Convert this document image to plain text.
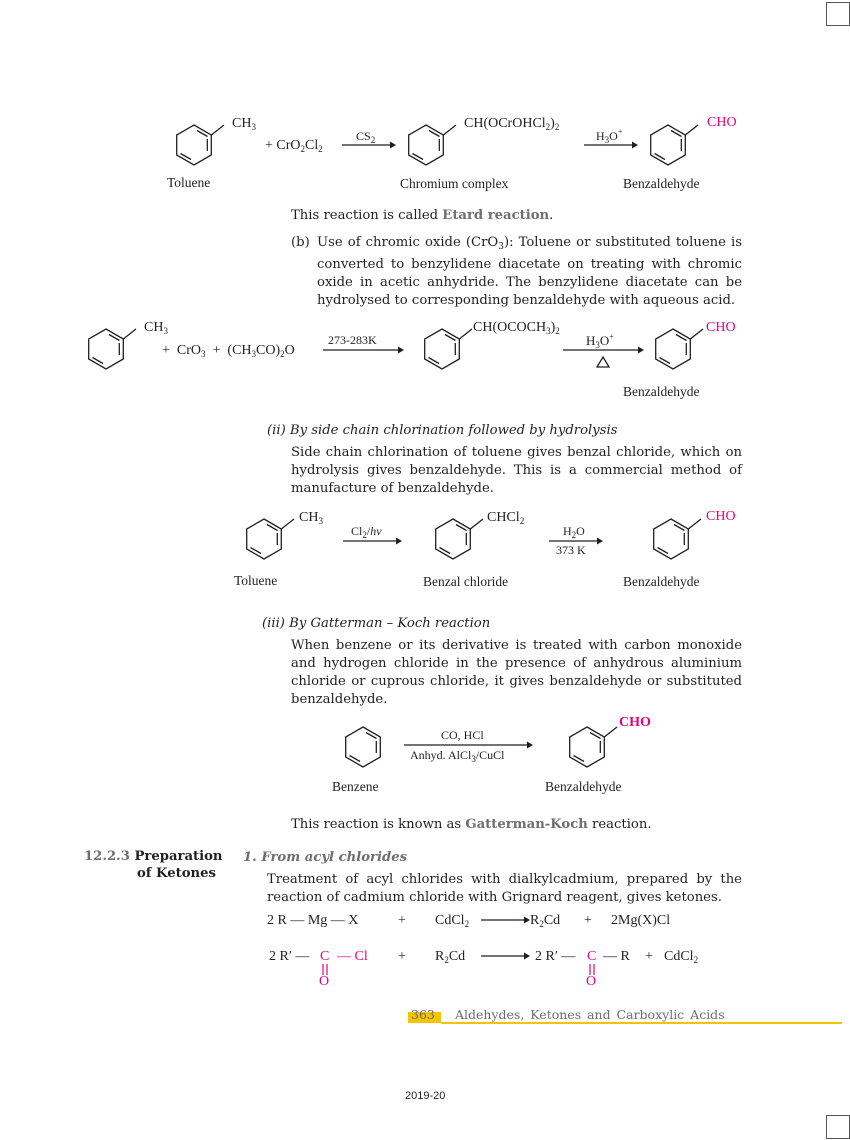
$CH_3$
+ $CrO_2Cl_2$
$CS_2$
$CH(OCrOHCl_2)_2$
$H_3O^+$
CHO
Toluene	Chromium complex	Benzaldehyde
This reaction is called Etard reaction.
(b) Use of chromic oxide (CrO$_3$): Toluene or substituted toluene is converted to benzylidene diacetate on treating with chromic oxide in acetic anhydride. The benzylidene diacetate can be hydrolysed to corresponding benzaldehyde with aqueous acid.
$CH_3$
+  $CrO_3 + (CH_3CO)_2O$
273-283K
$CH(OCOCH_3)_2$
$H_3O^+$
CHO
Benzaldehyde
(ii) By side chain chlorination followed by hydrolysis
Side chain chlorination of toluene gives benzal chloride, which on hydrolysis gives benzaldehyde. This is a commercial method of manufacture of benzaldehyde.
$CH_3$
$Cl_2/h\nu$
CHCl$_2$
$H_2O$
373 K
CHO
Toluene	Benzal chloride	Benzaldehyde
(iii) By Gatterman – Koch reaction
When benzene or its derivative is treated with carbon monoxide and hydrogen chloride in the presence of anhydrous aluminium chloride or cuprous chloride, it gives benzaldehyde or substituted benzaldehyde.
CO, HCl
Anhyd. AlCl$_3$/CuCl
CHO
Benzene	Benzaldehyde
This reaction is known as Gatterman-Koch reaction.
12.2.3 Preparation
of Ketones
1. From acyl chlorides
Treatment of acyl chlorides with dialkylcadmium, prepared by the reaction of cadmium chloride with Grignard reagent, gives ketones.
2 R — Mg — X	+ CdCl$_2$	$R_2Cd + 2Mg(X)Cl$
2 R′ — C — Cl
O
+ $R_2Cd$	2 R′ — C — R
O
+ CdCl$_2$
363 Aldehydes, Ketones and Carboxylic Acids
2019-20
